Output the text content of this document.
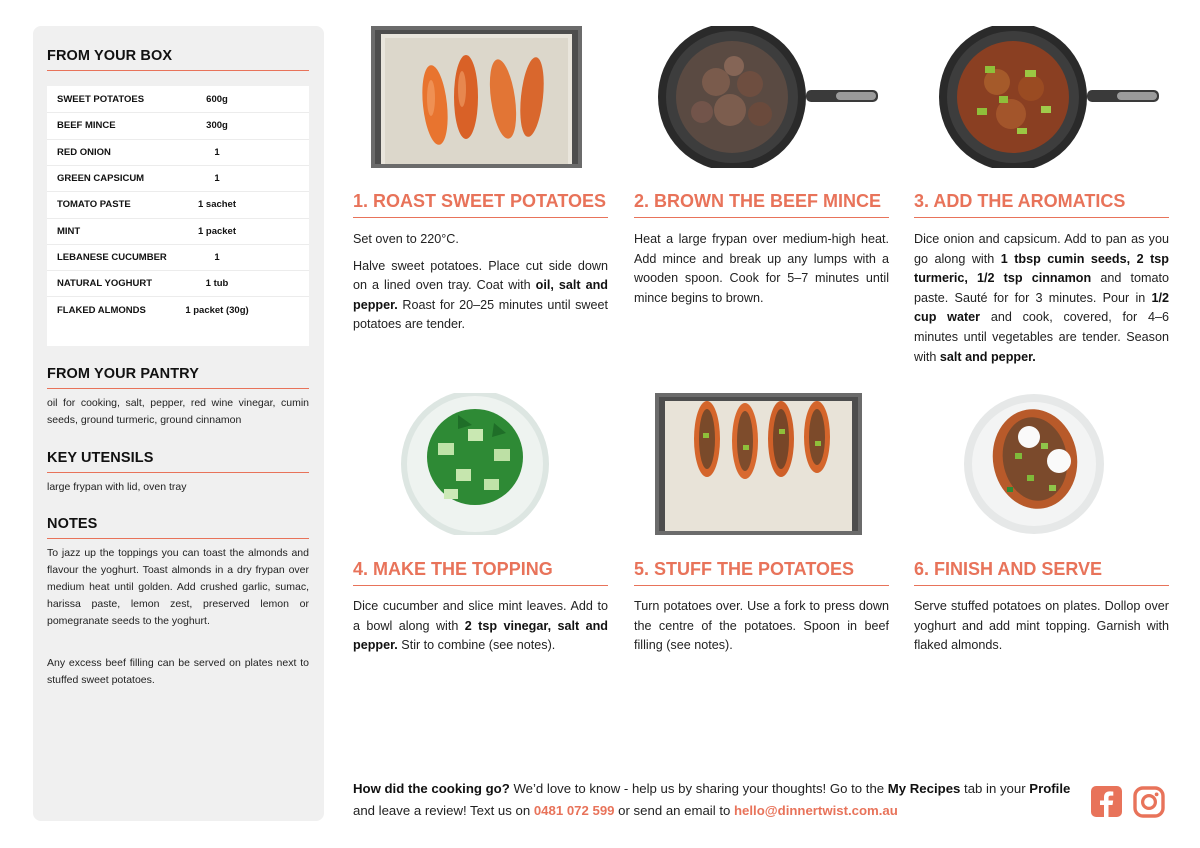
FROM YOUR BOX
SWEET POTATOES	600g
BEEF MINCE	300g
RED ONION	1
GREEN CAPSICUM	1
TOMATO PASTE	1 sachet
MINT	1 packet
LEBANESE CUCUMBER	1
NATURAL YOGHURT	1 tub
FLAKED ALMONDS	1 packet (30g)
FROM YOUR PANTRY
oil for cooking, salt, pepper, red wine vinegar, cumin seeds, ground turmeric, ground cinnamon
KEY UTENSILS
large frypan with lid, oven tray
NOTES
To jazz up the toppings you can toast the almonds and flavour the yoghurt. Toast almonds in a dry frypan over medium heat until golden. Add crushed garlic, sumac, harissa paste, lemon zest, preserved lemon or pomegranate seeds to the yoghurt.
Any excess beef filling can be served on plates next to stuffed sweet potatoes.
1. ROAST SWEET POTATOES

Set oven to 220°C.

Halve sweet potatoes. Place cut side down on a lined oven tray. Coat with oil, salt and pepper. Roast for 20–25 minutes until sweet potatoes are tender.

2. BROWN THE BEEF MINCE

Heat a large frypan over medium-high heat. Add mince and break up any lumps with a wooden spoon. Cook for 5–7 minutes until mince begins to brown.

3. ADD THE AROMATICS

Dice onion and capsicum. Add to pan as you go along with 1 tbsp cumin seeds, 2 tsp turmeric, 1/2 tsp cinnamon and tomato paste. Sauté for for 3 minutes. Pour in 1/2 cup water and cook, covered, for 4–6 minutes until vegetables are tender. Season with salt and pepper.

4. MAKE THE TOPPING

Dice cucumber and slice mint leaves. Add to a bowl along with 2 tsp vinegar, salt and pepper. Stir to combine (see notes).

5. STUFF THE POTATOES

Turn potatoes over. Use a fork to press down the centre of the potatoes. Spoon in beef filling (see notes).

6. FINISH AND SERVE

Serve stuffed potatoes on plates. Dollop over yoghurt and add mint topping. Garnish with flaked almonds.

How did the cooking go? We’d love to know - help us by sharing your thoughts! Go to the My Recipes tab in your Profile and leave a review! Text us on 0481 072 599 or send an email to hello@dinnertwist.com.au
